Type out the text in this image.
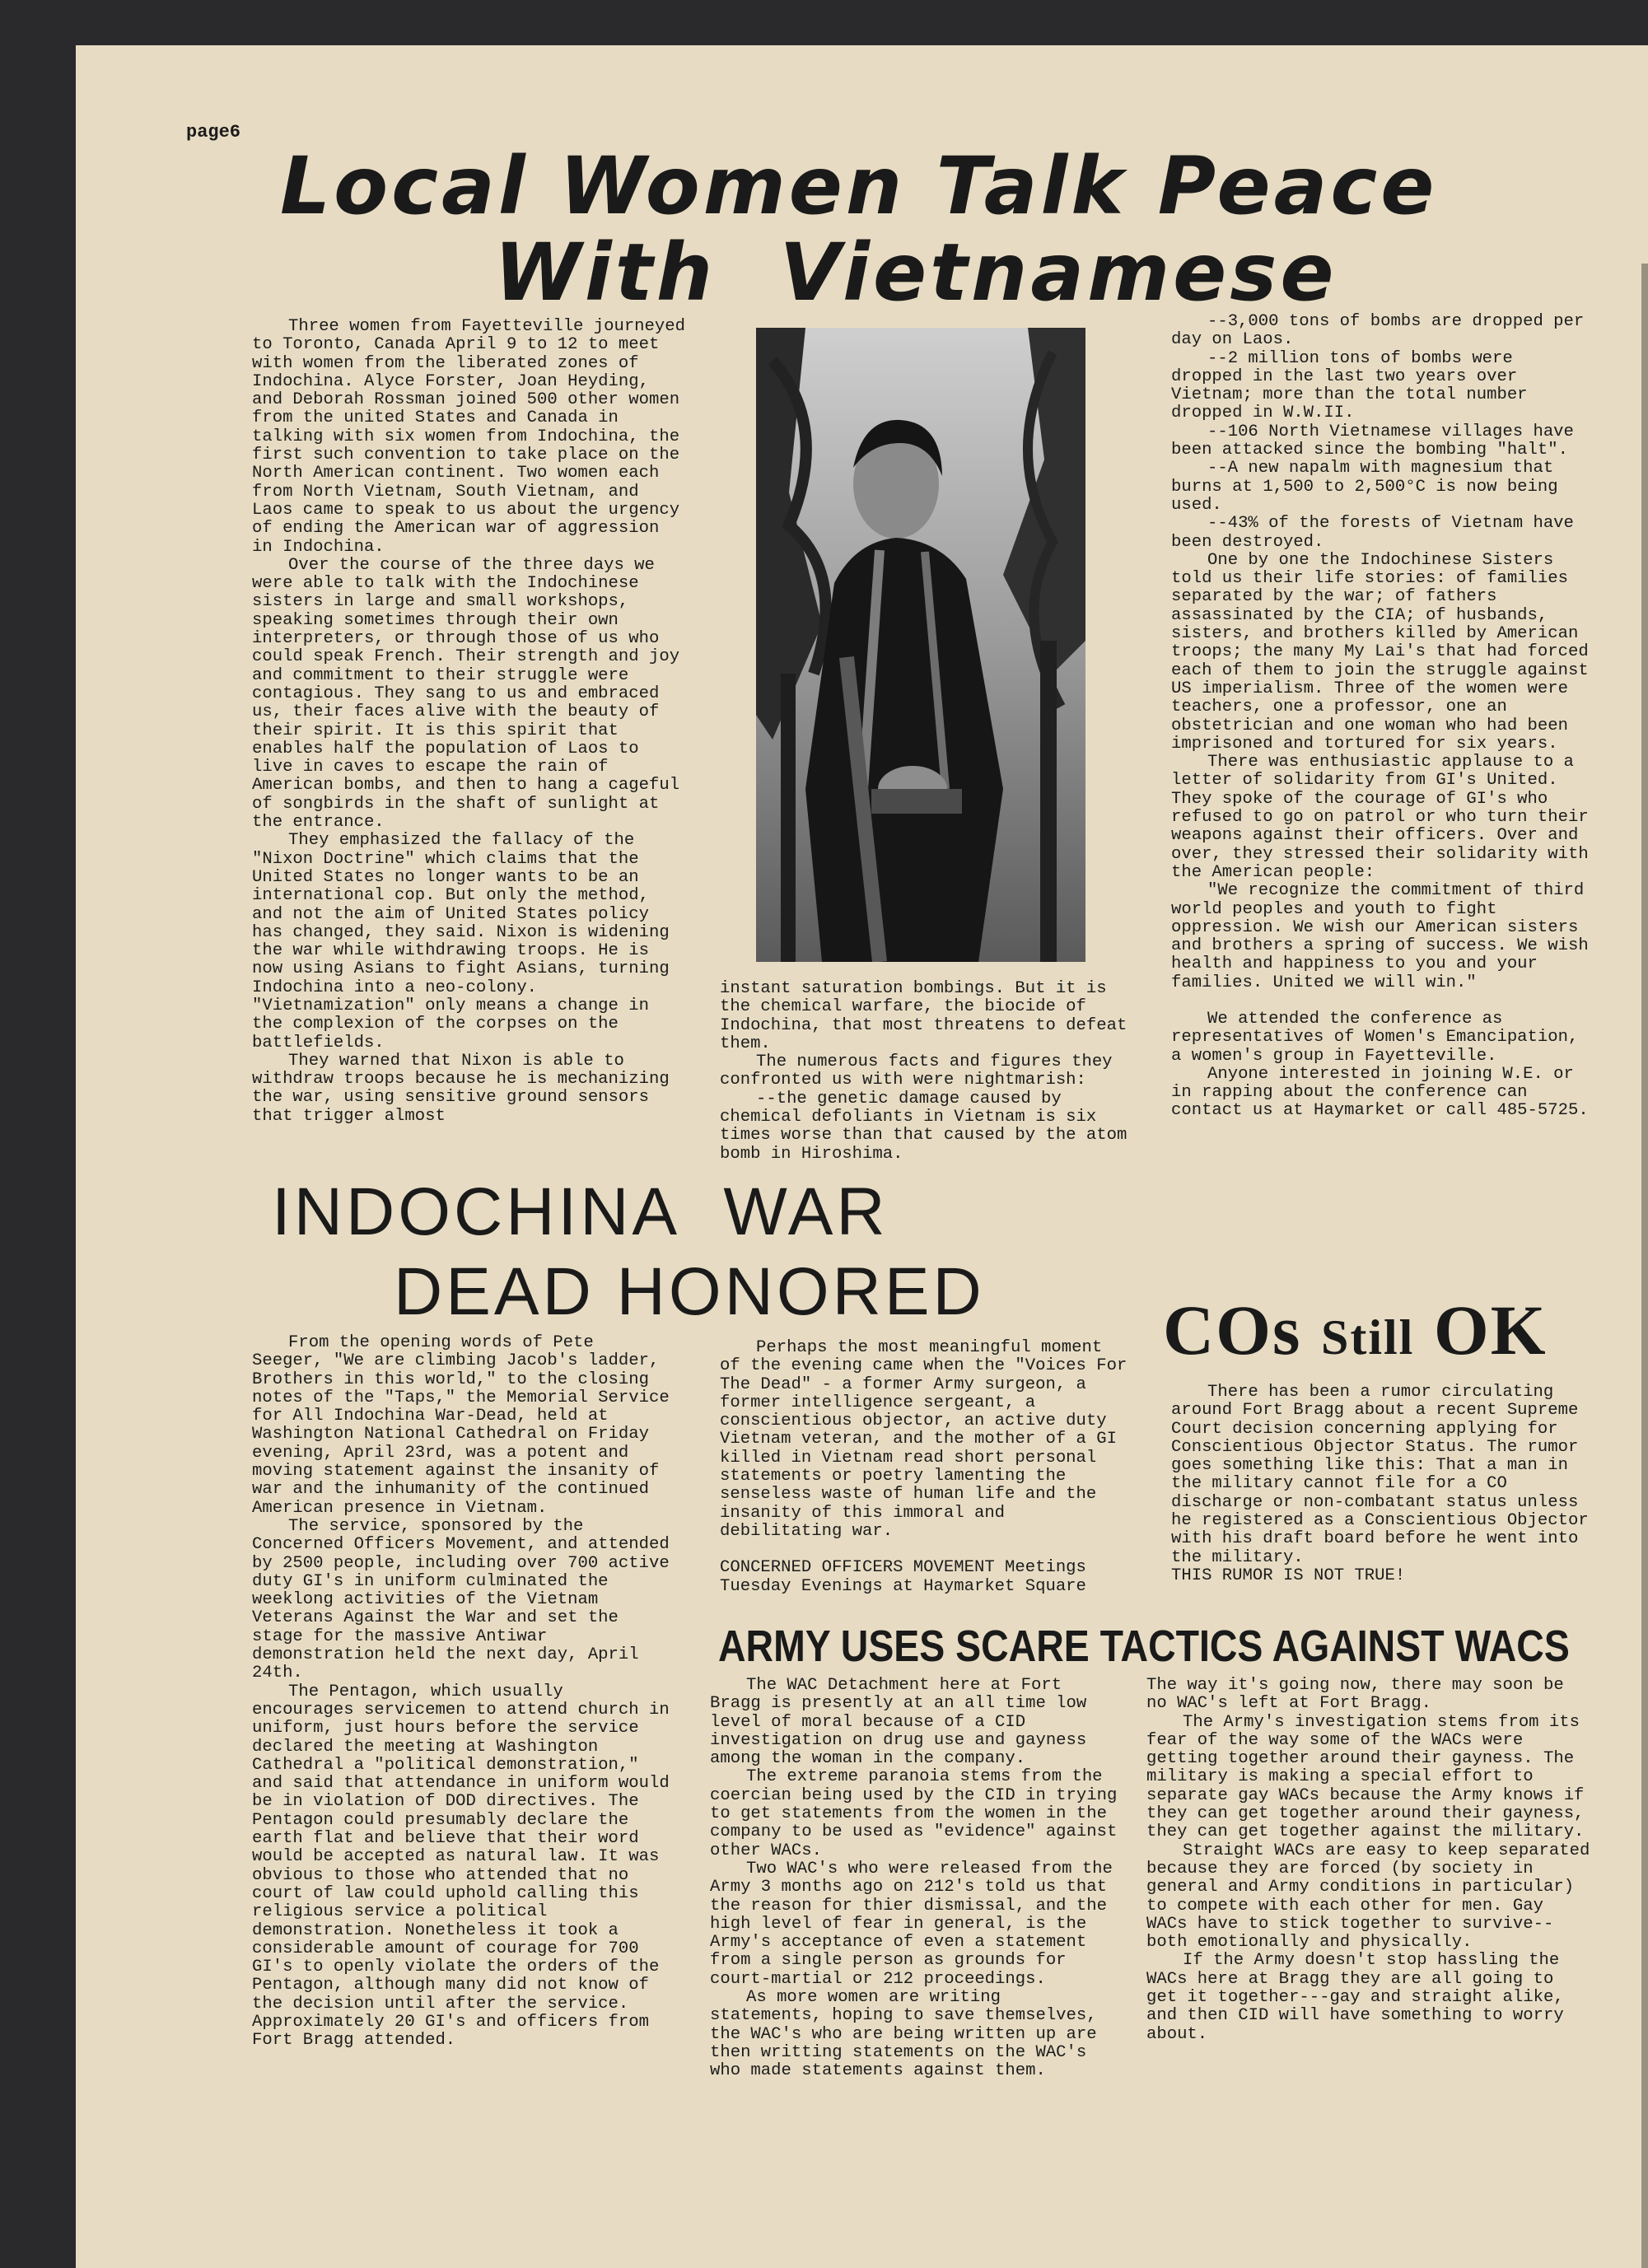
page6
Local Women Talk Peace
With Vietnamese

Three women from Fayetteville journeyed to Toronto, Canada April 9 to 12 to meet with women from the liberated zones of Indochina. Alyce Forster, Joan Heyding, and Deborah Rossman joined 500 other women from the united States and Canada in talking with six women from Indochina, the first such convention to take place on the North American continent. Two women each from North Vietnam, South Vietnam, and Laos came to speak to us about the urgency of ending the American war of aggression in Indochina.

Over the course of the three days we were able to talk with the Indochinese sisters in large and small workshops, speaking sometimes through their own interpreters, or through those of us who could speak French. Their strength and joy and commitment to their struggle were contagious. They sang to us and embraced us, their faces alive with the beauty of their spirit. It is this spirit that enables half the population of Laos to live in caves to escape the rain of American bombs, and then to hang a cageful of songbirds in the shaft of sunlight at the entrance.

They emphasized the fallacy of the "Nixon Doctrine" which claims that the United States no longer wants to be an international cop. But only the method, and not the aim of United States policy has changed, they said. Nixon is widening the war while withdrawing troops. He is now using Asians to fight Asians, turning Indochina into a neo-colony. "Vietnamization" only means a change in the complexion of the corpses on the battlefields.

They warned that Nixon is able to withdraw troops because he is mechanizing the war, using sensitive ground sensors that trigger almost

instant saturation bombings. But it is the chemical warfare, the biocide of Indochina, that most threatens to defeat them.

The numerous facts and figures they confronted us with were nightmarish:

--the genetic damage caused by chemical defoliants in Vietnam is six times worse than that caused by the atom bomb in Hiroshima.

--3,000 tons of bombs are dropped per day on Laos.

--2 million tons of bombs were dropped in the last two years over Vietnam; more than the total number dropped in W.W.II.

--106 North Vietnamese villages have been attacked since the bombing "halt".

--A new napalm with magnesium that burns at 1,500 to 2,500°C is now being used.

--43% of the forests of Vietnam have been destroyed.

One by one the Indochinese Sisters told us their life stories: of families separated by the war; of fathers assassinated by the CIA; of husbands, sisters, and brothers killed by American troops; the many My Lai's that had forced each of them to join the struggle against US imperialism. Three of the women were teachers, one a professor, one an obstetrician and one woman who had been imprisoned and tortured for six years.

There was enthusiastic applause to a letter of solidarity from GI's United. They spoke of the courage of GI's who refused to go on patrol or who turn their weapons against their officers. Over and over, they stressed their solidarity with the American people:

"We recognize the commitment of third world peoples and youth to fight oppression. We wish our American sisters and brothers a spring of success. We wish health and happiness to you and your families. United we will win."

We attended the conference as representatives of Women's Emancipation, a women's group in Fayetteville.

Anyone interested in joining W.E. or in rapping about the conference can contact us at Haymarket or call 485-5725.

INDOCHINA WAR
DEAD HONORED

From the opening words of Pete Seeger, "We are climbing Jacob's ladder, Brothers in this world," to the closing notes of the "Taps," the Memorial Service for All Indochina War-Dead, held at Washington National Cathedral on Friday evening, April 23rd, was a potent and moving statement against the insanity of war and the inhumanity of the continued American presence in Vietnam.

The service, sponsored by the Concerned Officers Movement, and attended by 2500 people, including over 700 active duty GI's in uniform culminated the weeklong activities of the Vietnam Veterans Against the War and set the stage for the massive Antiwar demonstration held the next day, April 24th.

The Pentagon, which usually encourages servicemen to attend church in uniform, just hours before the service declared the meeting at Washington Cathedral a "political demonstration," and said that attendance in uniform would be in violation of DOD directives. The Pentagon could presumably declare the earth flat and believe that their word would be accepted as natural law. It was obvious to those who attended that no court of law could uphold calling this religious service a political demonstration. Nonetheless it took a considerable amount of courage for 700 GI's to openly violate the orders of the Pentagon, although many did not know of the decision until after the service. Approximately 20 GI's and officers from Fort Bragg attended.

Perhaps the most meaningful moment of the evening came when the "Voices For The Dead" - a former Army surgeon, a former intelligence sergeant, a conscientious objector, an active duty Vietnam veteran, and the mother of a GI killed in Vietnam read short personal statements or poetry lamenting the senseless waste of human life and the insanity of this immoral and debilitating war.

CONCERNED OFFICERS MOVEMENT Meetings Tuesday Evenings at Haymarket Square

COs Still OK

There has been a rumor circulating around Fort Bragg about a recent Supreme Court decision concerning applying for Conscientious Objector Status. The rumor goes something like this: That a man in the military cannot file for a CO discharge or non-combatant status unless he registered as a Conscientious Objector with his draft board before he went into the military.

THIS RUMOR IS NOT TRUE!

ARMY USES SCARE TACTICS AGAINST WACS

The WAC Detachment here at Fort Bragg is presently at an all time low level of moral because of a CID investigation on drug use and gayness among the woman in the company.

The extreme paranoia stems from the coercian being used by the CID in trying to get statements from the women in the company to be used as "evidence" against other WACs.

Two WAC's who were released from the Army 3 months ago on 212's told us that the reason for thier dismissal, and the high level of fear in general, is the Army's acceptance of even a statement from a single person as grounds for court-martial or 212 proceedings.

As more women are writing statements, hoping to save themselves, the WAC's who are being written up are then writting statements on the WAC's who made statements against them.

The way it's going now, there may soon be no WAC's left at Fort Bragg.

The Army's investigation stems from its fear of the way some of the WACs were getting together around their gayness. The military is making a special effort to separate gay WACs because the Army knows if they can get together around their gayness, they can get together against the military.

Straight WACs are easy to keep separated because they are forced (by society in general and Army conditions in particular) to compete with each other for men. Gay WACs have to stick together to survive--both emotionally and physically.

If the Army doesn't stop hassling the WACs here at Bragg they are all going to get it together---gay and straight alike, and then CID will have something to worry about.
